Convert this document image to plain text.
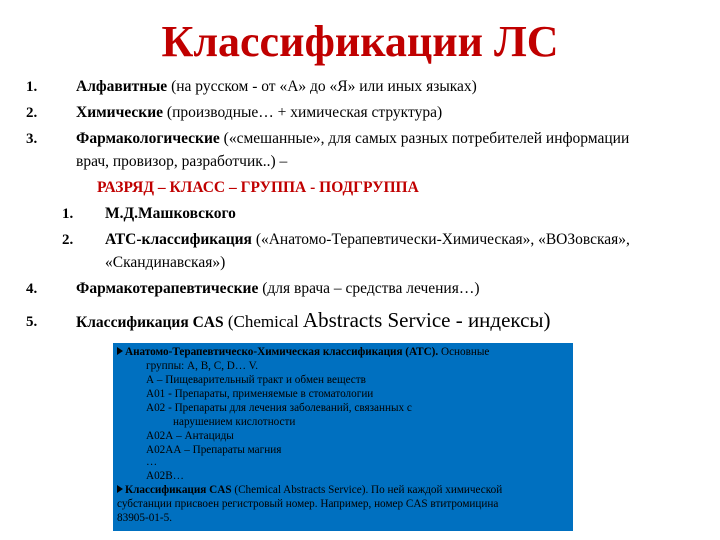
Классификации ЛС
1.	Алфавитные (на русском - от «А» до «Я» или иных языках)
2.	Химические (производные… + химическая структура)
3.	Фармакологические («смешанные», для самых разных потребителей информации
врач, провизор, разработчик..) –
РАЗРЯД – КЛАСС – ГРУППА - ПОДГРУППА
1. М.Д.Машковского
2. АТС-классификация («Анатомо-Терапевтически-Химическая», «ВОЗовская»,
«Скандинавская»)
4.	Фармакотерапевтические (для врача – средства лечения…)
5.	Классификация CAS (Chemical Abstracts Service - индексы)
Анатомо-Терапевтическо-Химическая классификация (АТС). Основные
группы: A, B, C, D… V.
А – Пищеварительный тракт и обмен веществ
А01 - Препараты, применяемые в стоматологии
А02 - Препараты для лечения заболеваний, связанных с
нарушением кислотности
А02А – Антациды
А02АА – Препараты магния
…
А02В…
Классификация CAS (Chemical Abstracts Service). По ней каждой химической
субстанции присвоен регистровый номер. Например, номер CAS втитромицина
83905-01-5.
